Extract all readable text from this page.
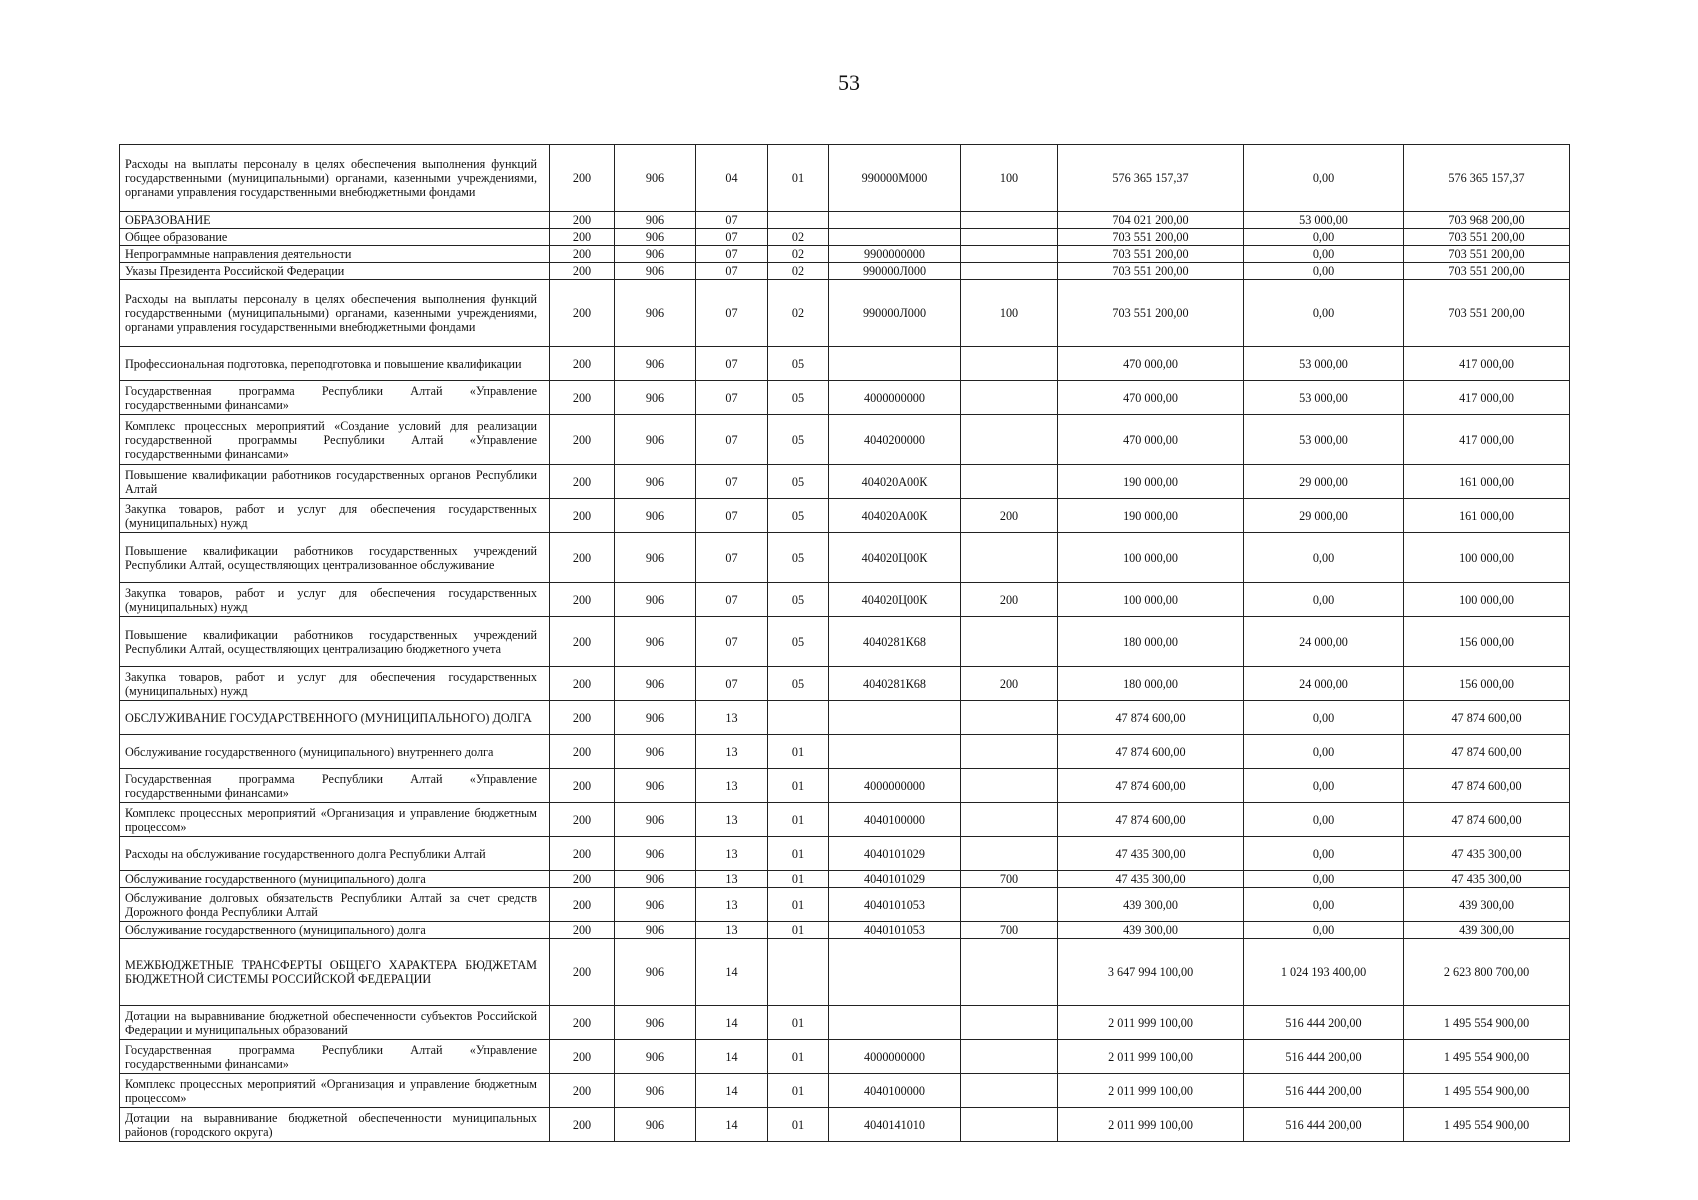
53
Расходы на выплаты персоналу в целях обеспечения выполнения функций государственными (муниципальными) органами, казенными учреждениями, органами управления государственными внебюджетными фондами	200	906	04	01	990000М000	100	576 365 157,37	0,00	576 365 157,37
ОБРАЗОВАНИЕ	200	906	07				704 021 200,00	53 000,00	703 968 200,00
Общее образование	200	906	07	02			703 551 200,00	0,00	703 551 200,00
Непрограммные направления деятельности	200	906	07	02	9900000000		703 551 200,00	0,00	703 551 200,00
Указы Президента Российской Федерации	200	906	07	02	990000Л000		703 551 200,00	0,00	703 551 200,00
Расходы на выплаты персоналу в целях обеспечения выполнения функций государственными (муниципальными) органами, казенными учреждениями, органами управления государственными внебюджетными фондами	200	906	07	02	990000Л000	100	703 551 200,00	0,00	703 551 200,00
Профессиональная подготовка, переподготовка и повышение квалификации	200	906	07	05			470 000,00	53 000,00	417 000,00
Государственная программа Республики Алтай «Управление государственными финансами»	200	906	07	05	4000000000		470 000,00	53 000,00	417 000,00
Комплекс процессных мероприятий «Создание условий для реализации государственной программы Республики Алтай «Управление государственными финансами»	200	906	07	05	4040200000		470 000,00	53 000,00	417 000,00
Повышение квалификации работников государственных органов Республики Алтай	200	906	07	05	404020А00К		190 000,00	29 000,00	161 000,00
Закупка товаров, работ и услуг для обеспечения государственных (муниципальных) нужд	200	906	07	05	404020А00К	200	190 000,00	29 000,00	161 000,00
Повышение квалификации работников государственных учреждений Республики Алтай, осуществляющих централизованное обслуживание	200	906	07	05	404020Ц00К		100 000,00	0,00	100 000,00
Закупка товаров, работ и услуг для обеспечения государственных (муниципальных) нужд	200	906	07	05	404020Ц00К	200	100 000,00	0,00	100 000,00
Повышение квалификации работников государственных учреждений Республики Алтай, осуществляющих централизацию бюджетного учета	200	906	07	05	4040281К68		180 000,00	24 000,00	156 000,00
Закупка товаров, работ и услуг для обеспечения государственных (муниципальных) нужд	200	906	07	05	4040281К68	200	180 000,00	24 000,00	156 000,00
ОБСЛУЖИВАНИЕ ГОСУДАРСТВЕННОГО (МУНИЦИПАЛЬНОГО) ДОЛГА	200	906	13				47 874 600,00	0,00	47 874 600,00
Обслуживание государственного (муниципального) внутреннего долга	200	906	13	01			47 874 600,00	0,00	47 874 600,00
Государственная программа Республики Алтай «Управление государственными финансами»	200	906	13	01	4000000000		47 874 600,00	0,00	47 874 600,00
Комплекс процессных мероприятий «Организация и управление бюджетным процессом»	200	906	13	01	4040100000		47 874 600,00	0,00	47 874 600,00
Расходы на обслуживание государственного долга Республики Алтай	200	906	13	01	4040101029		47 435 300,00	0,00	47 435 300,00
Обслуживание государственного (муниципального) долга	200	906	13	01	4040101029	700	47 435 300,00	0,00	47 435 300,00
Обслуживание долговых обязательств Республики Алтай за счет средств Дорожного фонда Республики Алтай	200	906	13	01	4040101053		439 300,00	0,00	439 300,00
Обслуживание государственного (муниципального) долга	200	906	13	01	4040101053	700	439 300,00	0,00	439 300,00
МЕЖБЮДЖЕТНЫЕ ТРАНСФЕРТЫ ОБЩЕГО ХАРАКТЕРА БЮДЖЕТАМ БЮДЖЕТНОЙ СИСТЕМЫ РОССИЙСКОЙ ФЕДЕРАЦИИ	200	906	14				3 647 994 100,00	1 024 193 400,00	2 623 800 700,00
Дотации на выравнивание бюджетной обеспеченности субъектов Российской Федерации и муниципальных образований	200	906	14	01			2 011 999 100,00	516 444 200,00	1 495 554 900,00
Государственная программа Республики Алтай «Управление государственными финансами»	200	906	14	01	4000000000		2 011 999 100,00	516 444 200,00	1 495 554 900,00
Комплекс процессных мероприятий «Организация и управление бюджетным процессом»	200	906	14	01	4040100000		2 011 999 100,00	516 444 200,00	1 495 554 900,00
Дотации на выравнивание бюджетной обеспеченности муниципальных районов (городского округа)	200	906	14	01	4040141010		2 011 999 100,00	516 444 200,00	1 495 554 900,00
